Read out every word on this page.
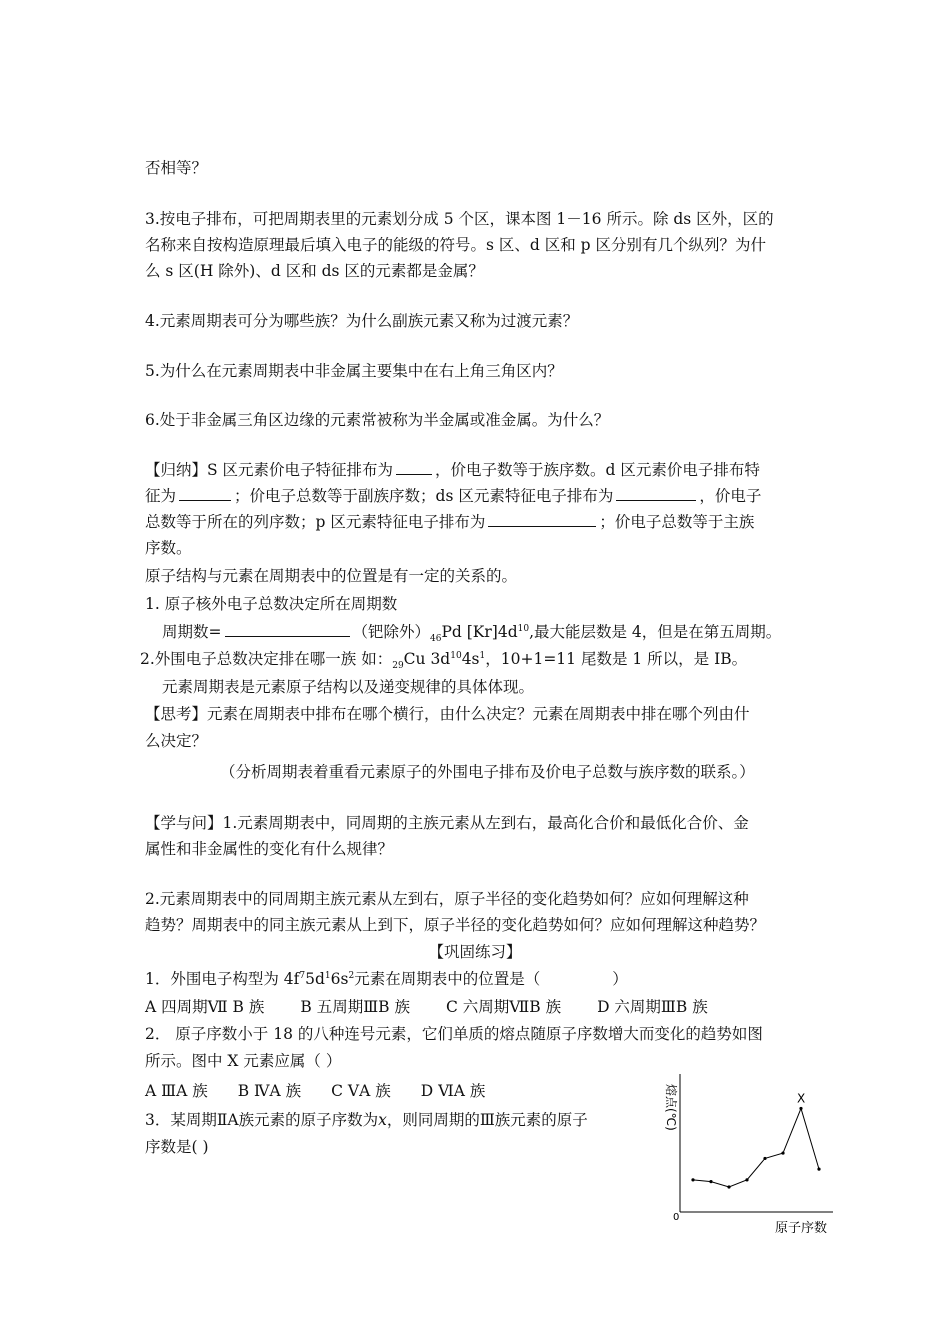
否相等？
3.按电子排布，可把周期表里的元素划分成 5 个区，课本图 1－16 所示。除 ds 区外，区的
名称来自按构造原理最后填入电子的能级的符号。s 区、d 区和 p 区分别有几个纵列？为什
么 s 区(H 除外)、d 区和 ds 区的元素都是金属？
4.元素周期表可分为哪些族？为什么副族元素又称为过渡元素？
5.为什么在元素周期表中非金属主要集中在右上角三角区内？
6.处于非金属三角区边缘的元素常被称为半金属或准金属。为什么？
【归纳】S 区元素价电子特征排布为	，价电子数等于族序数。d 区元素价电子排布特
征为	；价电子总数等于副族序数；ds 区元素特征电子排布为	，价电子
总数等于所在的列序数；p 区元素特征电子排布为	；价电子总数等于主族
序数。
原子结构与元素在周期表中的位置是有一定的关系的。
1. 原子核外电子总数决定所在周期数
周期数=	（钯除外）$_{46}Pd$ $[Kr]4d^{10}$,最大能层数是 4，但是在第五周期。
2.外围电子总数决定排在哪一族 如：$_{29}$Cu $3d^{10}4s^1$，10+1=11 尾数是 1 所以，是 IB。
元素周期表是元素原子结构以及递变规律的具体体现。
【思考】元素在周期表中排布在哪个横行，由什么决定？元素在周期表中排在哪个列由什
么决定？
（分析周期表着重看元素原子的外围电子排布及价电子总数与族序数的联系。）
【学与问】1.元素周期表中，同周期的主族元素从左到右，最高化合价和最低化合价、金
属性和非金属性的变化有什么规律？
2.元素周期表中的同周期主族元素从左到右，原子半径的变化趋势如何？应如何理解这种
趋势？周期表中的同主族元素从上到下，原子半径的变化趋势如何？应如何理解这种趋势？
【巩固练习】
1．外围电子构型为 $4f^75d^16s^2$元素在周期表中的位置是（	）
A 四周期Ⅶ B 族 B 五周期ⅢB 族 C 六周期ⅦB 族 D 六周期ⅢB 族
2． 原子序数小于 18 的八种连号元素，它们单质的熔点随原子序数增大而变化的趋势如图
所示。图中 X 元素应属（ ）
A ⅢA 族 B ⅣA 族 C ⅤA 族 D ⅥA 族
3．某周期ⅡA族元素的原子序数为x，则同周期的Ⅲ族元素的原子
序数是( )
0
X
原子序数
熔点(℃)
